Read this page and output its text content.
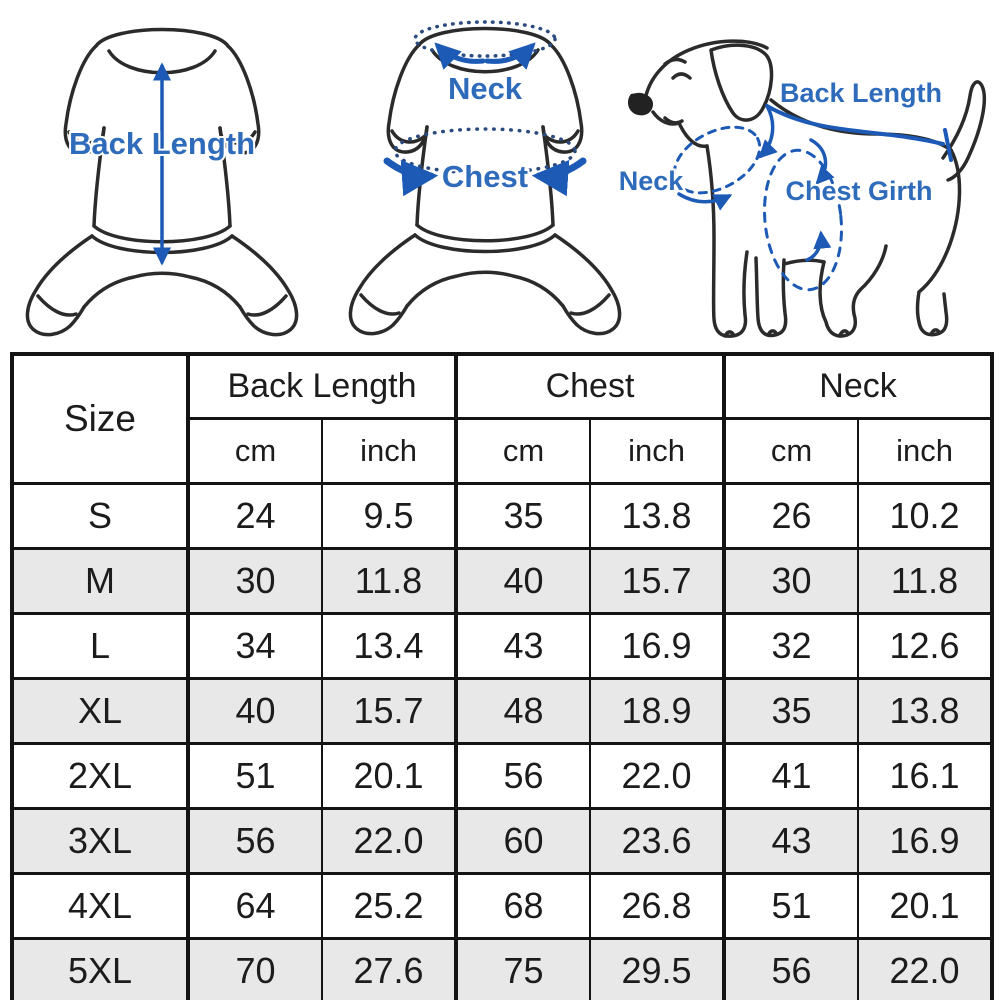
Back Length
Neck
Chest
Back Length
Neck	Chest Girth
Size	Back Length		Chest		Neck	
	cm	inch	cm	inch	cm	inch
S	24	9.5	35	13.8	26	10.2
M	30	11.8	40	15.7	30	11.8
L	34	13.4	43	16.9	32	12.6
XL	40	15.7	48	18.9	35	13.8
2XL	51	20.1	56	22.0	41	16.1
3XL	56	22.0	60	23.6	43	16.9
4XL	64	25.2	68	26.8	51	20.1
5XL	70	27.6	75	29.5	56	22.0
